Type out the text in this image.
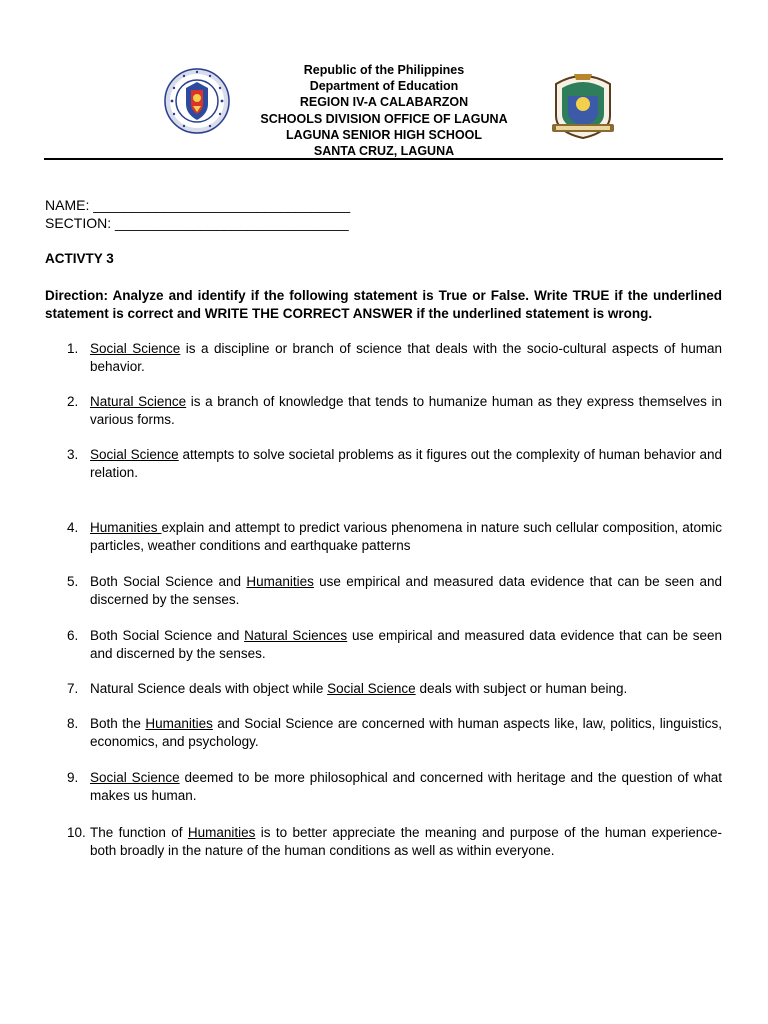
Republic of the Philippines
Department of Education
REGION IV-A CALABARZON
SCHOOLS DIVISION OFFICE OF LAGUNA
LAGUNA SENIOR HIGH SCHOOL
SANTA CRUZ, LAGUNA
NAME: _________________________________
SECTION: ______________________________
ACTIVTY 3
Direction: Analyze and identify if the following statement is True or False. Write TRUE if the underlined statement is correct and WRITE THE CORRECT ANSWER if the underlined statement is wrong.
1. Social Science is a discipline or branch of science that deals with the socio-cultural aspects of human behavior.
2. Natural Science is a branch of knowledge that tends to humanize human as they express themselves in various forms.
3. Social Science attempts to solve societal problems as it figures out the complexity of human behavior and relation.
4. Humanities explain and attempt to predict various phenomena in nature such cellular composition, atomic particles, weather conditions and earthquake patterns
5. Both Social Science and Humanities use empirical and measured data evidence that can be seen and discerned by the senses.
6. Both Social Science and Natural Sciences use empirical and measured data evidence that can be seen and discerned by the senses.
7. Natural Science deals with object while Social Science deals with subject or human being.
8. Both the Humanities and Social Science are concerned with human aspects like, law, politics, linguistics, economics, and psychology.
9. Social Science deemed to be more philosophical and concerned with heritage and the question of what makes us human.
10. The function of Humanities is to better appreciate the meaning and purpose of the human experience-both broadly in the nature of the human conditions as well as within everyone.
